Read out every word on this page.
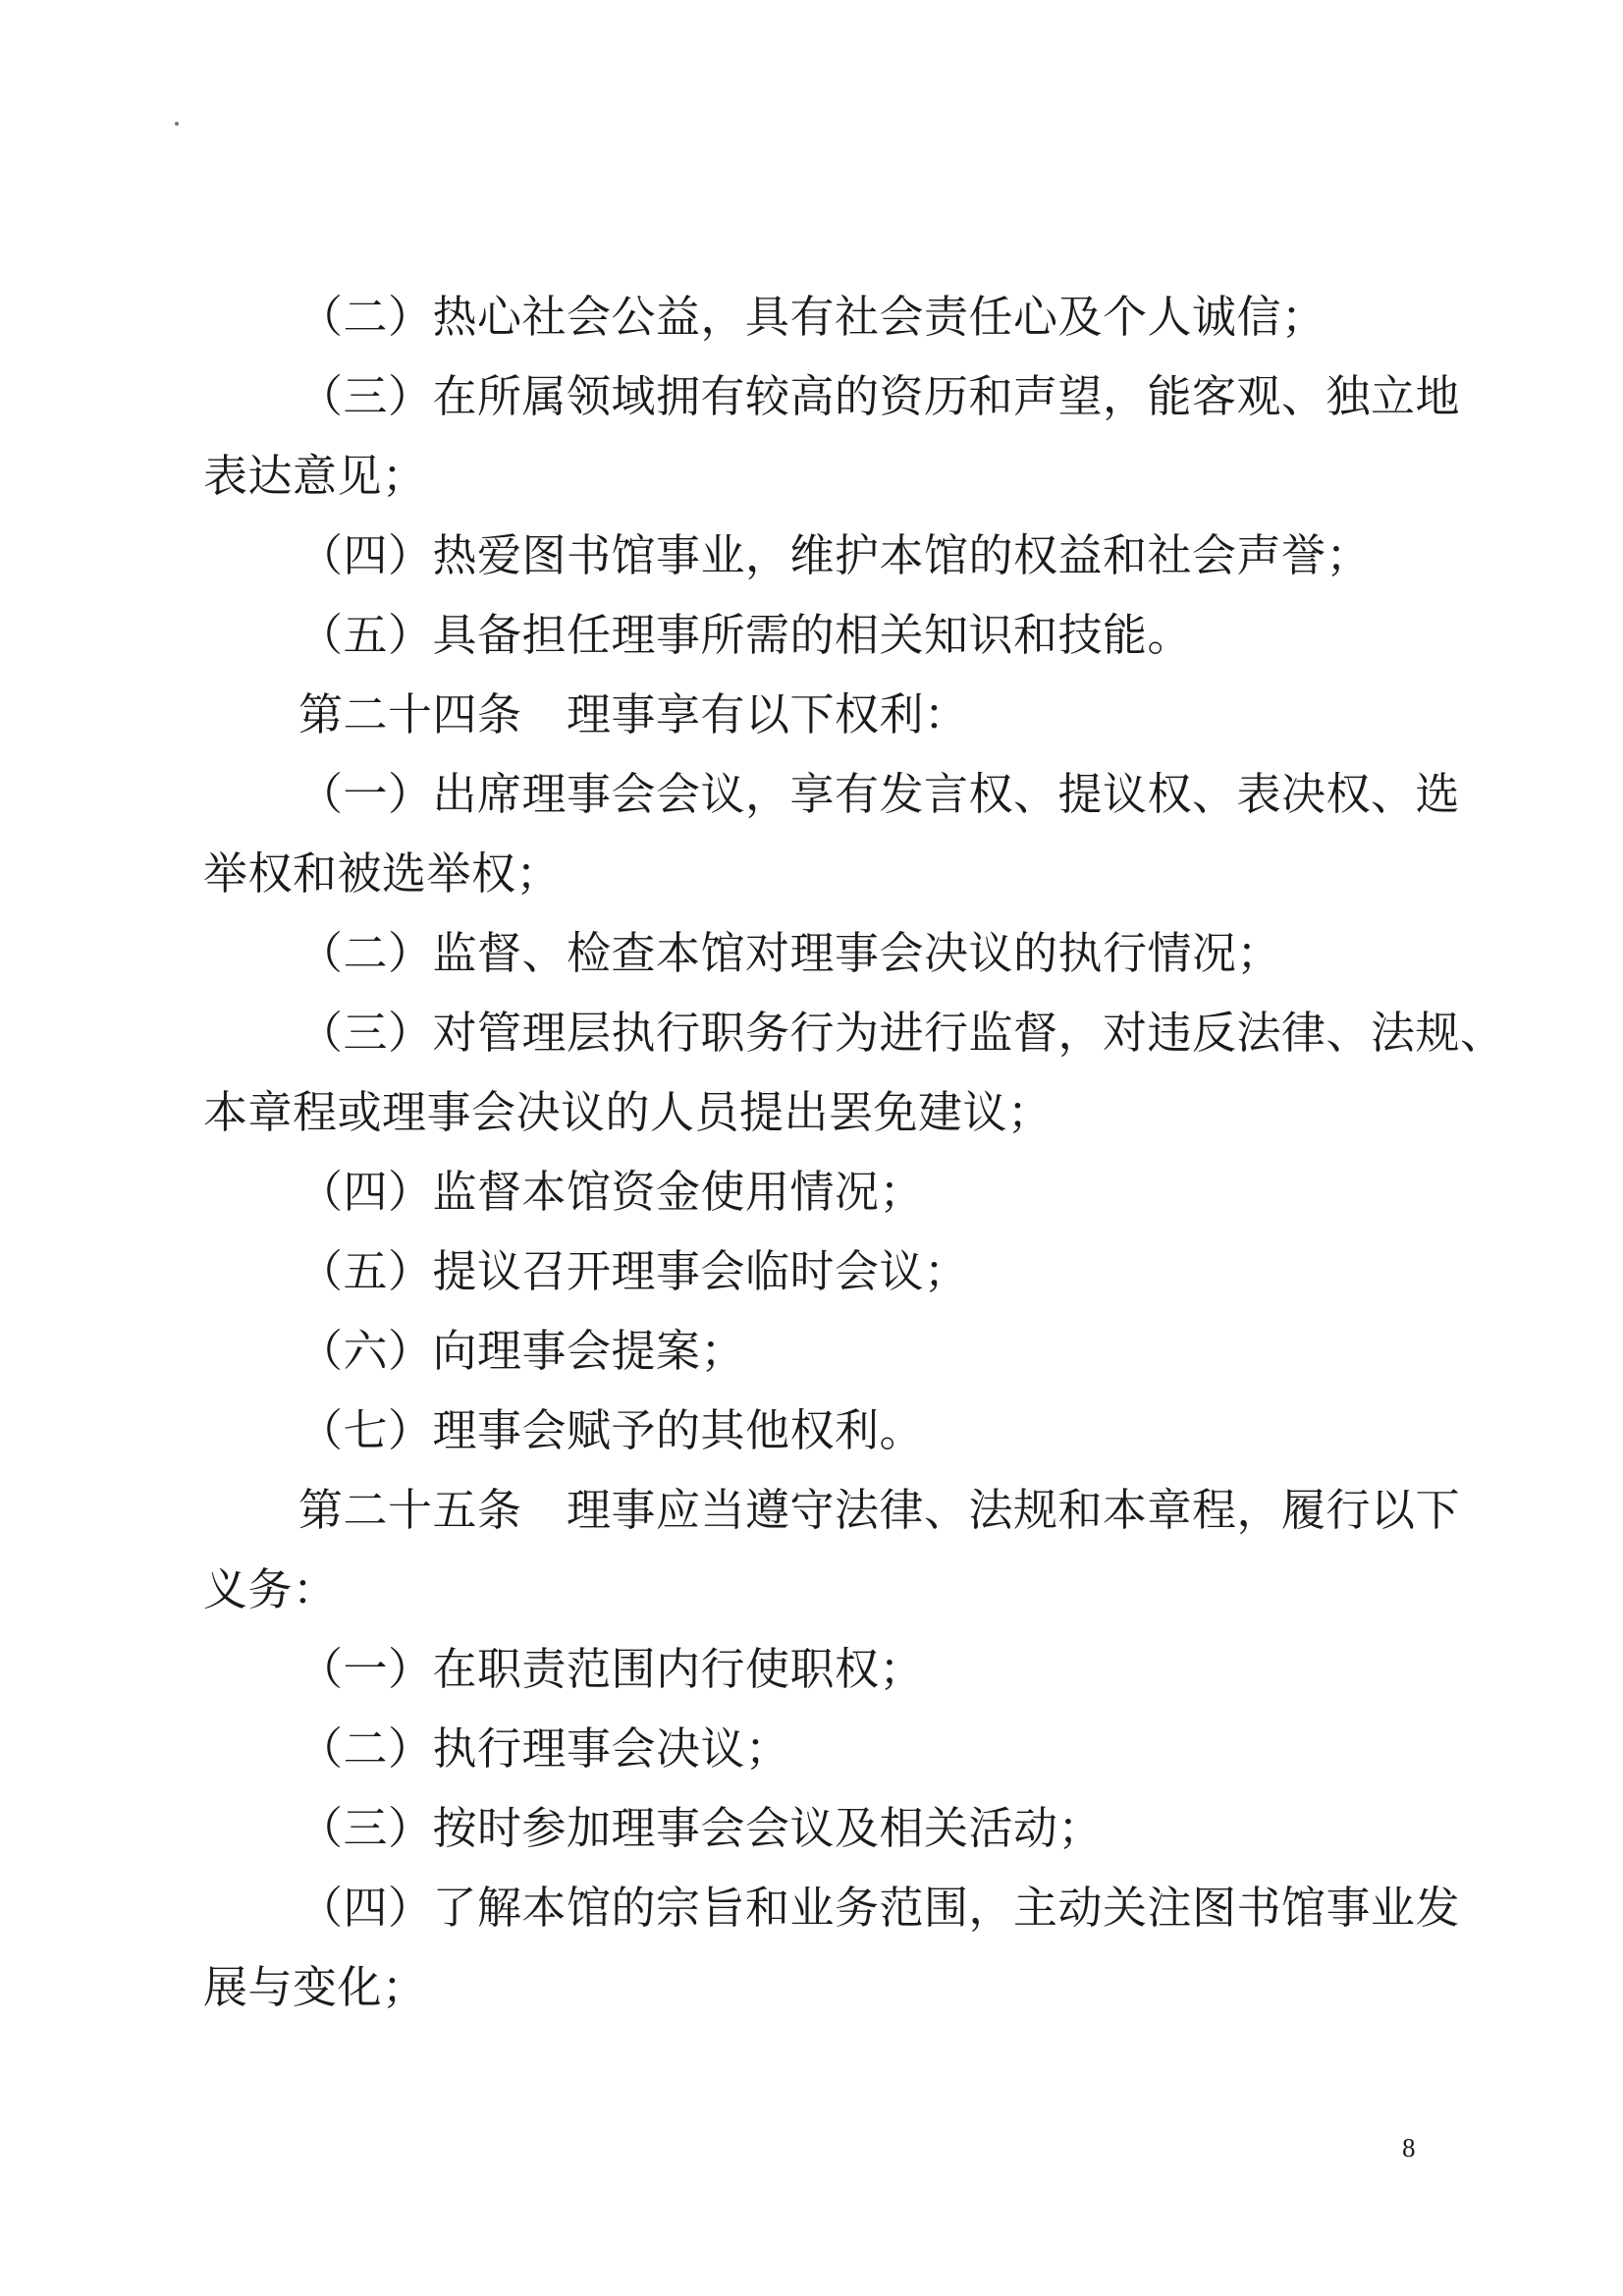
（二）热心社会公益，具有社会责任心及个人诚信；
（三）在所属领域拥有较高的资历和声望，能客观、独立地
表达意见；
（四）热爱图书馆事业，维护本馆的权益和社会声誉；
（五）具备担任理事所需的相关知识和技能。
第二十四条　理事享有以下权利：
（一）出席理事会会议，享有发言权、提议权、表决权、选
举权和被选举权；
（二）监督、检查本馆对理事会决议的执行情况；
（三）对管理层执行职务行为进行监督，对违反法律、法规、
本章程或理事会决议的人员提出罢免建议；
（四）监督本馆资金使用情况；
（五）提议召开理事会临时会议；
（六）向理事会提案；
（七）理事会赋予的其他权利。
第二十五条　理事应当遵守法律、法规和本章程，履行以下
义务：
（一）在职责范围内行使职权；
（二）执行理事会决议；
（三）按时参加理事会会议及相关活动；
（四）了解本馆的宗旨和业务范围，主动关注图书馆事业发
展与变化；
8
